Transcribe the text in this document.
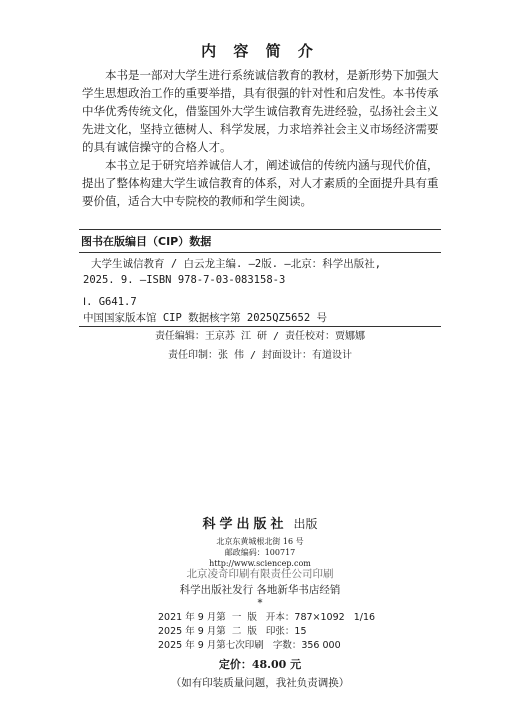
内 容 简 介

本书是一部对大学生进行系统诚信教育的教材，是新形势下加强大学生思想政治工作的重要举措，具有很强的针对性和启发性。本书传承中华优秀传统文化，借鉴国外大学生诚信教育先进经验，弘扬社会主义先进文化，坚持立德树人、科学发展，力求培养社会主义市场经济需要的具有诚信操守的合格人才。

本书立足于研究培养诚信人才，阐述诚信的传统内涵与现代价值，提出了整体构建大学生诚信教育的体系，对人才素质的全面提升具有重要价值，适合大中专院校的教师和学生阅读。

图书在版编目（CIP）数据
大学生诚信教育 / 白云龙主编. —2版. —北京：科学出版社,
2025. 9. —ISBN 978-7-03-083158-3
Ⅰ. G641.7
中国国家版本馆 CIP 数据核字第 2025QZ5652 号
责任编辑：王京苏 江 研 / 责任校对：贾娜娜
责任印制：张 伟 / 封面设计：有道设计
科学出版社 出版
北京东黄城根北街 16 号
邮政编码：100717
http://www.sciencep.com
北京凌奇印刷有限责任公司印刷
科学出版社发行 各地新华书店经销
*
2021 年 9 月第  一  版   开本：787×1092   1/16
2025 年 9 月第  二  版   印张：15
2025 年 9 月第七次印刷   字数：356 000
定价：48.00 元
（如有印装质量问题，我社负责调换）
